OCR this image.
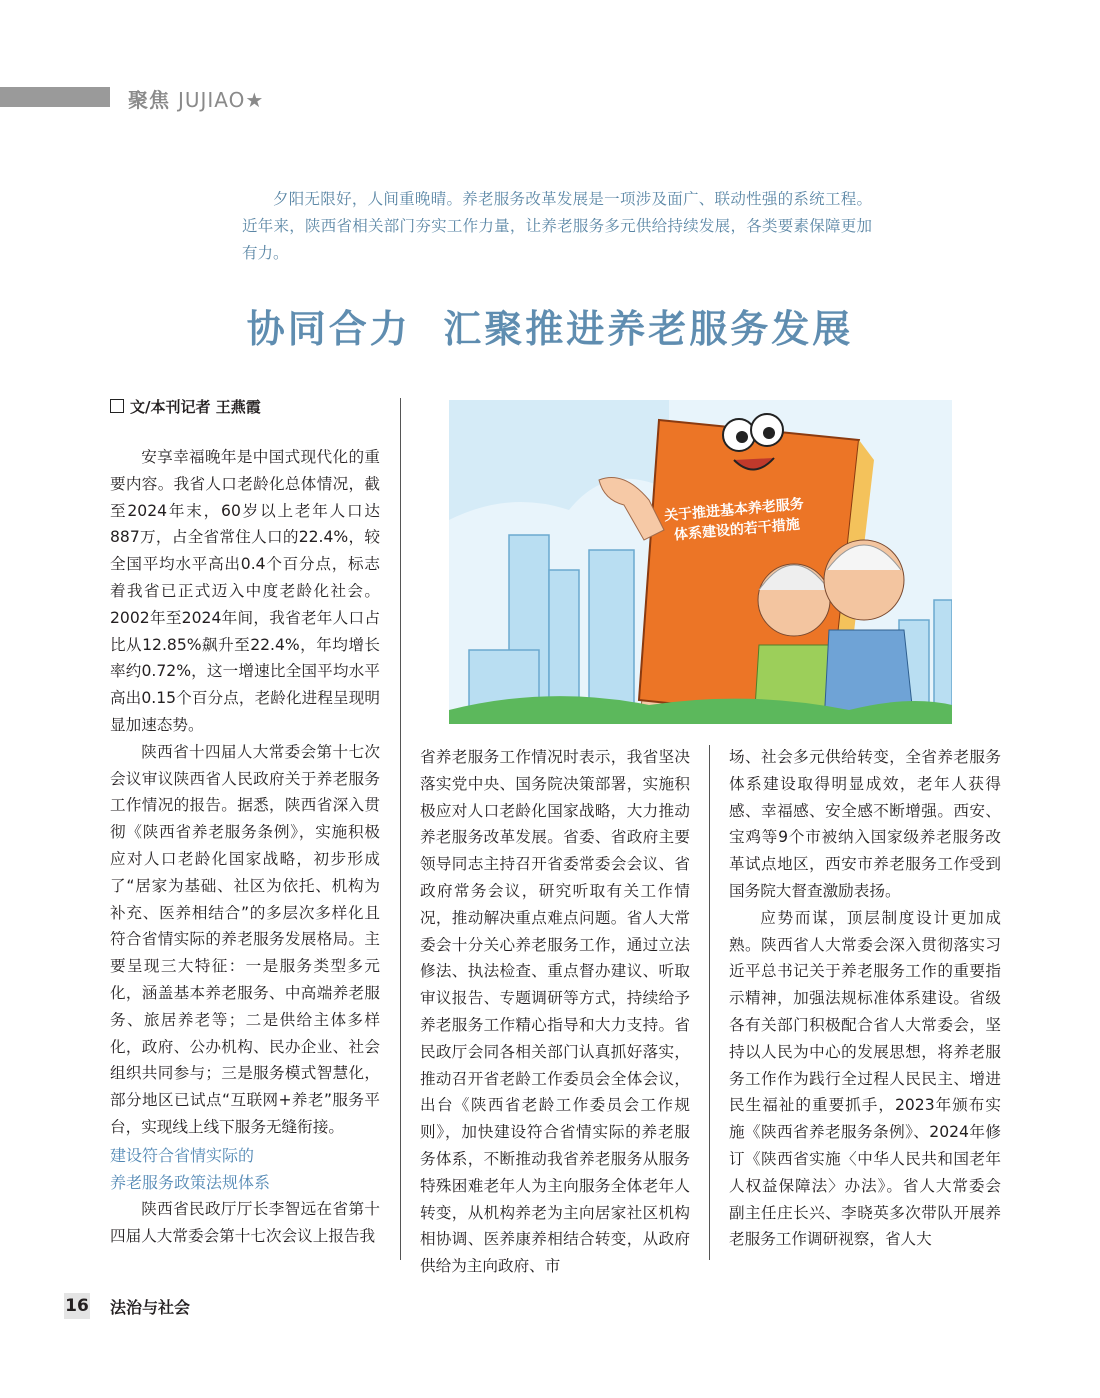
聚焦 JUJIAO★
夕阳无限好，人间重晚晴。养老服务改革发展是一项涉及面广、联动性强的系统工程。近年来，陕西省相关部门夯实工作力量，让养老服务多元供给持续发展，各类要素保障更加有力。
协同合力  汇聚推进养老服务发展
文/本刊记者 王燕霞
关于推进基本养老服务
体系建设的若干措施

安享幸福晚年是中国式现代化的重要内容。我省人口老龄化总体情况，截至2024年末，60岁以上老年人口达887万，占全省常住人口的22.4%，较全国平均水平高出0.4个百分点，标志着我省已正式迈入中度老龄化社会。2002年至2024年间，我省老年人口占比从12.85%飙升至22.4%，年均增长率约0.72%，这一增速比全国平均水平高出0.15个百分点，老龄化进程呈现明显加速态势。

陕西省十四届人大常委会第十七次会议审议陕西省人民政府关于养老服务工作情况的报告。据悉，陕西省深入贯彻《陕西省养老服务条例》，实施积极应对人口老龄化国家战略，初步形成了“居家为基础、社区为依托、机构为补充、医养相结合”的多层次多样化且符合省情实际的养老服务发展格局。主要呈现三大特征：一是服务类型多元化，涵盖基本养老服务、中高端养老服务、旅居养老等；二是供给主体多样化，政府、公办机构、民办企业、社会组织共同参与；三是服务模式智慧化，部分地区已试点“互联网+养老”服务平台，实现线上线下服务无缝衔接。

建设符合省情实际的
养老服务政策法规体系

陕西省民政厅厅长李智远在省第十四届人大常委会第十七次会议上报告我

省养老服务工作情况时表示，我省坚决落实党中央、国务院决策部署，实施积极应对人口老龄化国家战略，大力推动养老服务改革发展。省委、省政府主要领导同志主持召开省委常委会会议、省政府常务会议，研究听取有关工作情况，推动解决重点难点问题。省人大常委会十分关心养老服务工作，通过立法修法、执法检查、重点督办建议、听取审议报告、专题调研等方式，持续给予养老服务工作精心指导和大力支持。省民政厅会同各相关部门认真抓好落实，推动召开省老龄工作委员会全体会议，出台《陕西省老龄工作委员会工作规则》，加快建设符合省情实际的养老服务体系，不断推动我省养老服务从服务特殊困难老年人为主向服务全体老年人转变，从机构养老为主向居家社区机构相协调、医养康养相结合转变，从政府供给为主向政府、市

场、社会多元供给转变，全省养老服务体系建设取得明显成效，老年人获得感、幸福感、安全感不断增强。西安、宝鸡等9个市被纳入国家级养老服务改革试点地区，西安市养老服务工作受到国务院大督查激励表扬。

应势而谋，顶层制度设计更加成熟。陕西省人大常委会深入贯彻落实习近平总书记关于养老服务工作的重要指示精神，加强法规标准体系建设。省级各有关部门积极配合省人大常委会，坚持以人民为中心的发展思想，将养老服务工作作为践行全过程人民民主、增进民生福祉的重要抓手，2023年颁布实施《陕西省养老服务条例》、2024年修订《陕西省实施〈中华人民共和国老年人权益保障法〉办法》。省人大常委会副主任庄长兴、李晓英多次带队开展养老服务工作调研视察，省人大

16 法治与社会
